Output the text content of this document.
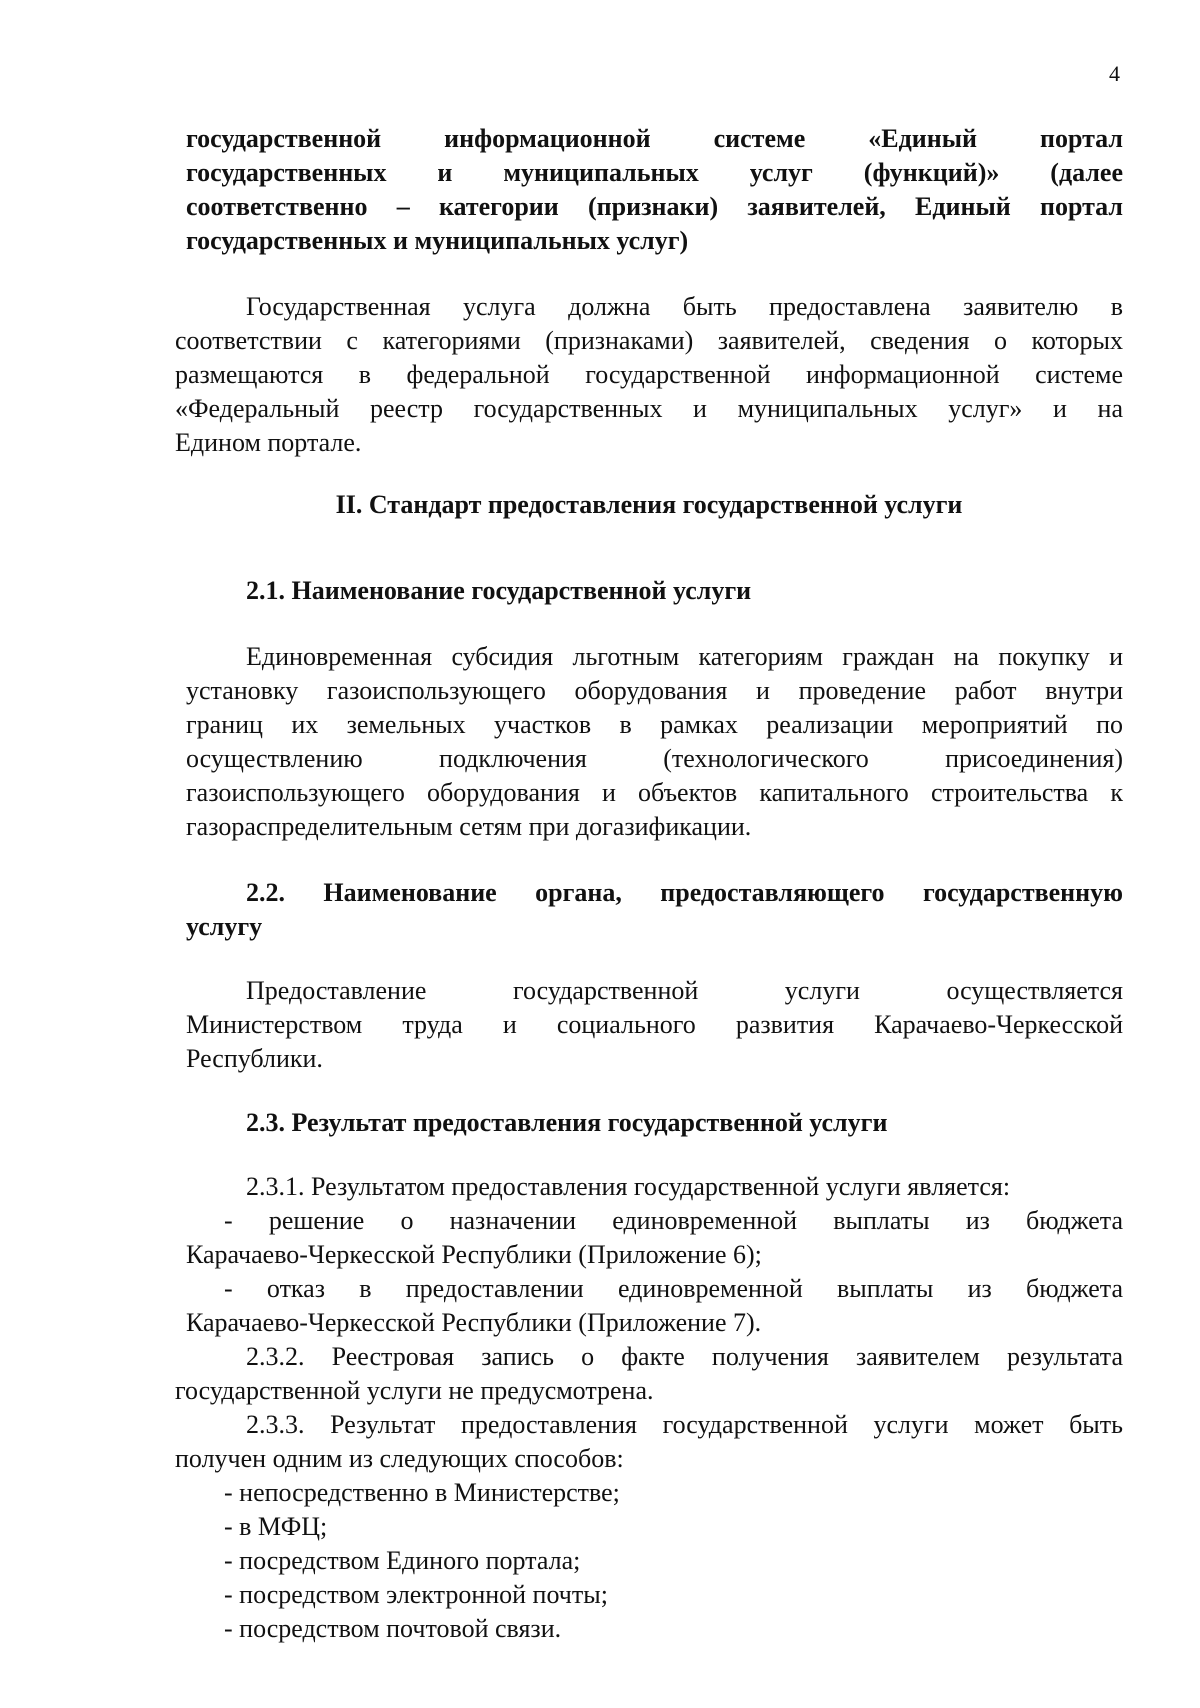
4
государственной информационной системе «Единый портал
государственных и муниципальных услуг (функций)» (далее
соответственно – категории (признаки) заявителей, Единый портал
государственных и муниципальных услуг)
Государственная услуга должна быть предоставлена заявителю в
соответствии с категориями (признаками) заявителей, сведения о которых
размещаются в федеральной государственной информационной системе
«Федеральный реестр государственных и муниципальных услуг» и на
Едином портале.
II. Стандарт предоставления государственной услуги
2.1. Наименование государственной услуги
Единовременная субсидия льготным категориям граждан на покупку и
установку газоиспользующего оборудования и проведение работ внутри
границ их земельных участков в рамках реализации мероприятий по
осуществлению подключения (технологического присоединения)
газоиспользующего оборудования и объектов капитального строительства к
газораспределительным сетям при догазификации.
2.2. Наименование органа, предоставляющего государственную
услугу
Предоставление государственной услуги осуществляется
Министерством труда и социального развития Карачаево-Черкесской
Республики.
2.3. Результат предоставления государственной услуги
2.3.1. Результатом предоставления государственной услуги является:
- решение о назначении единовременной выплаты из бюджета
Карачаево-Черкесской Республики (Приложение 6);
- отказ в предоставлении единовременной выплаты из бюджета
Карачаево-Черкесской Республики (Приложение 7).
2.3.2. Реестровая запись о факте получения заявителем результата
государственной услуги не предусмотрена.
2.3.3. Результат предоставления государственной услуги может быть
получен одним из следующих способов:
- непосредственно в Министерстве;
- в МФЦ;
- посредством Единого портала;
- посредством электронной почты;
- посредством почтовой связи.
